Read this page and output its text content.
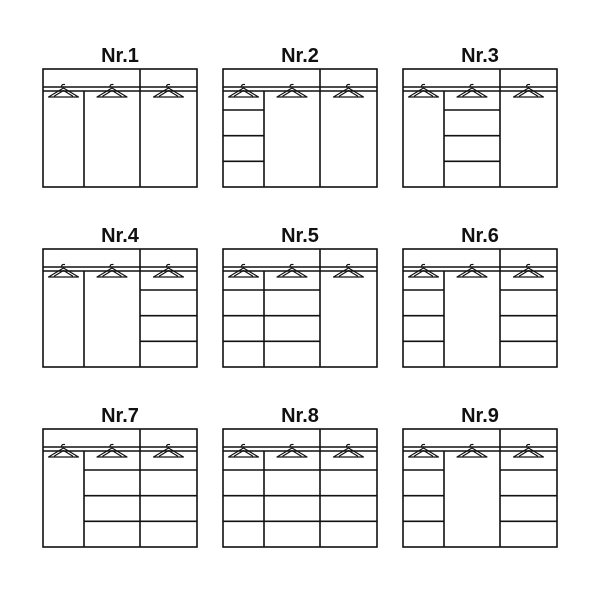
Nr.1	Nr.2	Nr.3
Nr.4	Nr.5	Nr.6
Nr.7	Nr.8	Nr.9
